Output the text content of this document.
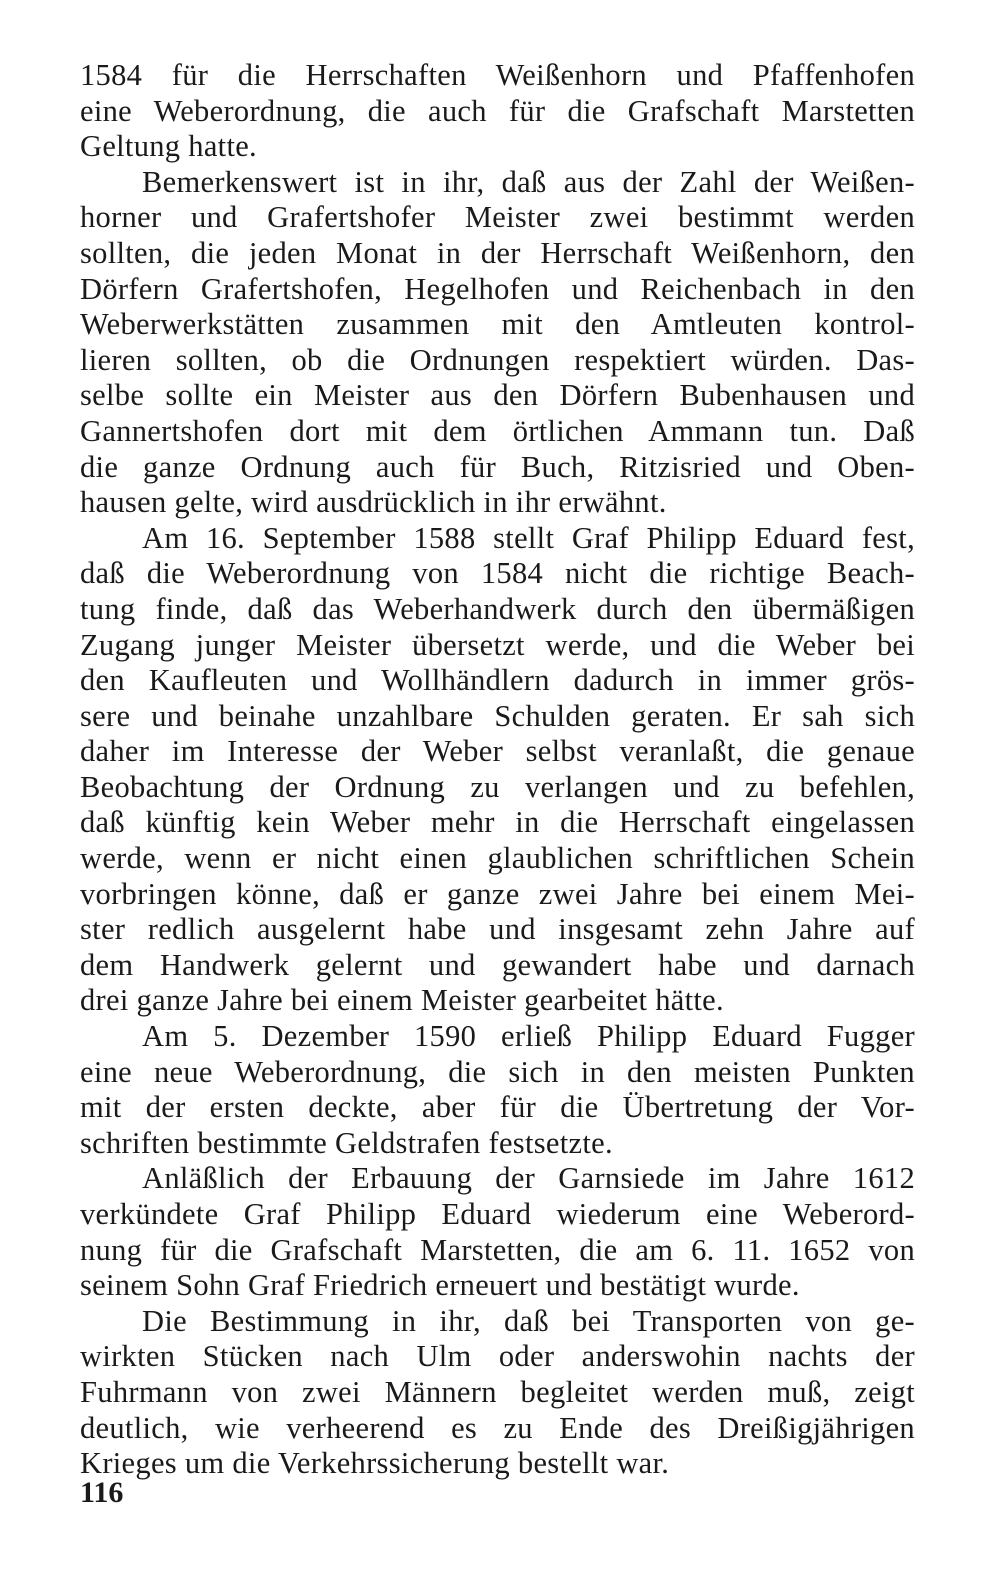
1584 für die Herrschaften Weißenhorn und Pfaffenhofen
eine Weberordnung, die auch für die Grafschaft Marstetten
Geltung hatte.
Bemerkenswert ist in ihr, daß aus der Zahl der Weißen-
horner und Grafertshofer Meister zwei bestimmt werden
sollten, die jeden Monat in der Herrschaft Weißenhorn, den
Dörfern Grafertshofen, Hegelhofen und Reichenbach in den
Weberwerkstätten zusammen mit den Amtleuten kontrol-
lieren sollten, ob die Ordnungen respektiert würden. Das-
selbe sollte ein Meister aus den Dörfern Bubenhausen und
Gannertshofen dort mit dem örtlichen Ammann tun. Daß
die ganze Ordnung auch für Buch, Ritzisried und Oben-
hausen gelte, wird ausdrücklich in ihr erwähnt.
Am 16. September 1588 stellt Graf Philipp Eduard fest,
daß die Weberordnung von 1584 nicht die richtige Beach-
tung finde, daß das Weberhandwerk durch den übermäßigen
Zugang junger Meister übersetzt werde, und die Weber bei
den Kaufleuten und Wollhändlern dadurch in immer grös-
sere und beinahe unzahlbare Schulden geraten. Er sah sich
daher im Interesse der Weber selbst veranlaßt, die genaue
Beobachtung der Ordnung zu verlangen und zu befehlen,
daß künftig kein Weber mehr in die Herrschaft eingelassen
werde, wenn er nicht einen glaublichen schriftlichen Schein
vorbringen könne, daß er ganze zwei Jahre bei einem Mei-
ster redlich ausgelernt habe und insgesamt zehn Jahre auf
dem Handwerk gelernt und gewandert habe und darnach
drei ganze Jahre bei einem Meister gearbeitet hätte.
Am 5. Dezember 1590 erließ Philipp Eduard Fugger
eine neue Weberordnung, die sich in den meisten Punkten
mit der ersten deckte, aber für die Übertretung der Vor-
schriften bestimmte Geldstrafen festsetzte.
Anläßlich der Erbauung der Garnsiede im Jahre 1612
verkündete Graf Philipp Eduard wiederum eine Weberord-
nung für die Grafschaft Marstetten, die am 6. 11. 1652 von
seinem Sohn Graf Friedrich erneuert und bestätigt wurde.
Die Bestimmung in ihr, daß bei Transporten von ge-
wirkten Stücken nach Ulm oder anderswohin nachts der
Fuhrmann von zwei Männern begleitet werden muß, zeigt
deutlich, wie verheerend es zu Ende des Dreißigjährigen
Krieges um die Verkehrssicherung bestellt war.
116
